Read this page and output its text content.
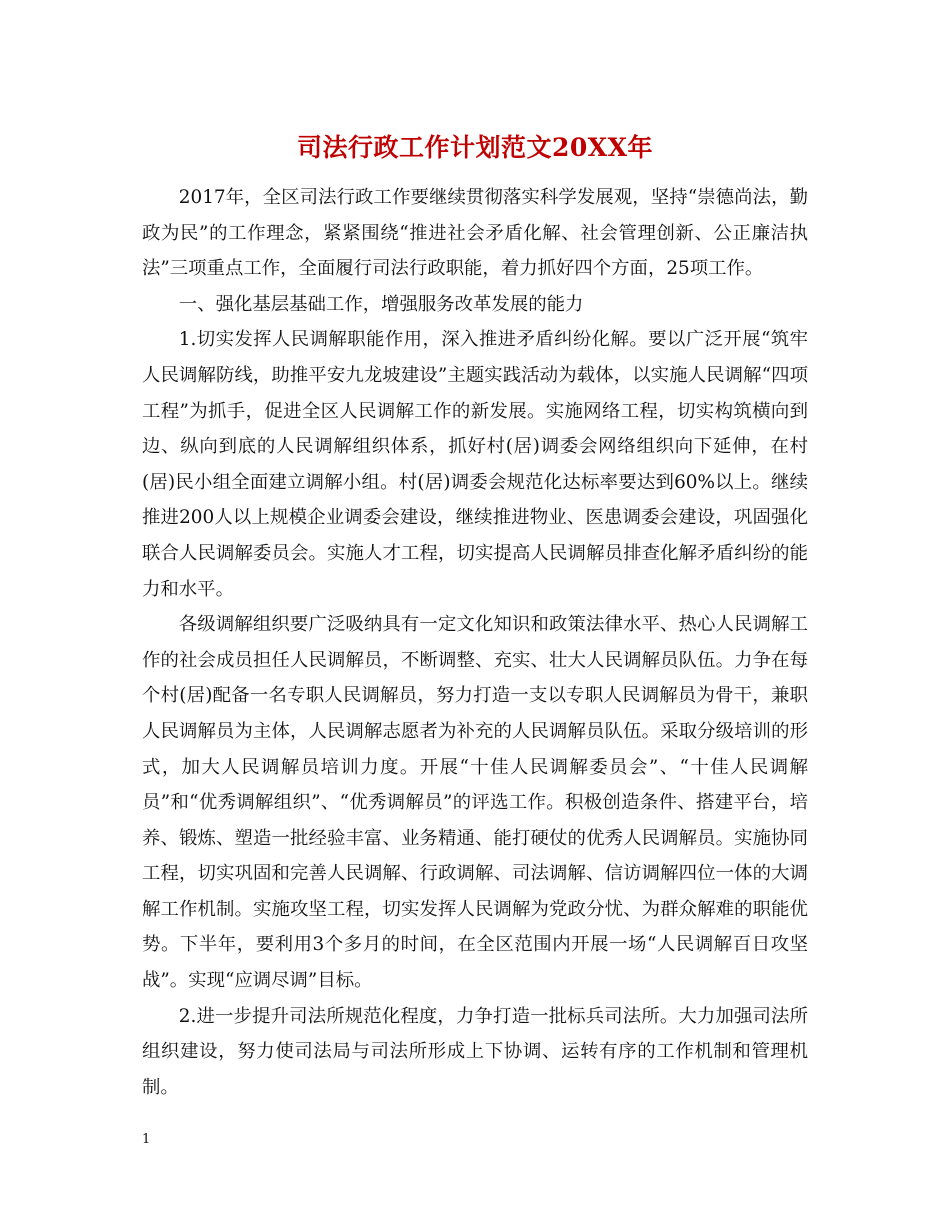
司法行政工作计划范文20XX年

2017年，全区司法行政工作要继续贯彻落实科学发展观，坚持“崇德尚法，勤政为民”的工作理念，紧紧围绕“推进社会矛盾化解、社会管理创新、公正廉洁执法”三项重点工作，全面履行司法行政职能，着力抓好四个方面，25项工作。

一、强化基层基础工作，增强服务改革发展的能力

1.切实发挥人民调解职能作用，深入推进矛盾纠纷化解。要以广泛开展“筑牢人民调解防线，助推平安九龙坡建设”主题实践活动为载体，以实施人民调解“四项工程”为抓手，促进全区人民调解工作的新发展。实施网络工程，切实构筑横向到边、纵向到底的人民调解组织体系，抓好村(居)调委会网络组织向下延伸，在村(居)民小组全面建立调解小组。村(居)调委会规范化达标率要达到60%以上。继续推进200人以上规模企业调委会建设，继续推进物业、医患调委会建设，巩固强化联合人民调解委员会。实施人才工程，切实提高人民调解员排查化解矛盾纠纷的能力和水平。

各级调解组织要广泛吸纳具有一定文化知识和政策法律水平、热心人民调解工作的社会成员担任人民调解员，不断调整、充实、壮大人民调解员队伍。力争在每个村(居)配备一名专职人民调解员，努力打造一支以专职人民调解员为骨干，兼职人民调解员为主体，人民调解志愿者为补充的人民调解员队伍。采取分级培训的形式，加大人民调解员培训力度。开展“十佳人民调解委员会”、“十佳人民调解员”和“优秀调解组织”、“优秀调解员”的评选工作。积极创造条件、搭建平台，培养、锻炼、塑造一批经验丰富、业务精通、能打硬仗的优秀人民调解员。实施协同工程，切实巩固和完善人民调解、行政调解、司法调解、信访调解四位一体的大调解工作机制。实施攻坚工程，切实发挥人民调解为党政分忧、为群众解难的职能优势。下半年，要利用3个多月的时间，在全区范围内开展一场“人民调解百日攻坚战”。实现“应调尽调”目标。

2.进一步提升司法所规范化程度，力争打造一批标兵司法所。大力加强司法所组织建设，努力使司法局与司法所形成上下协调、运转有序的工作机制和管理机制。

1
